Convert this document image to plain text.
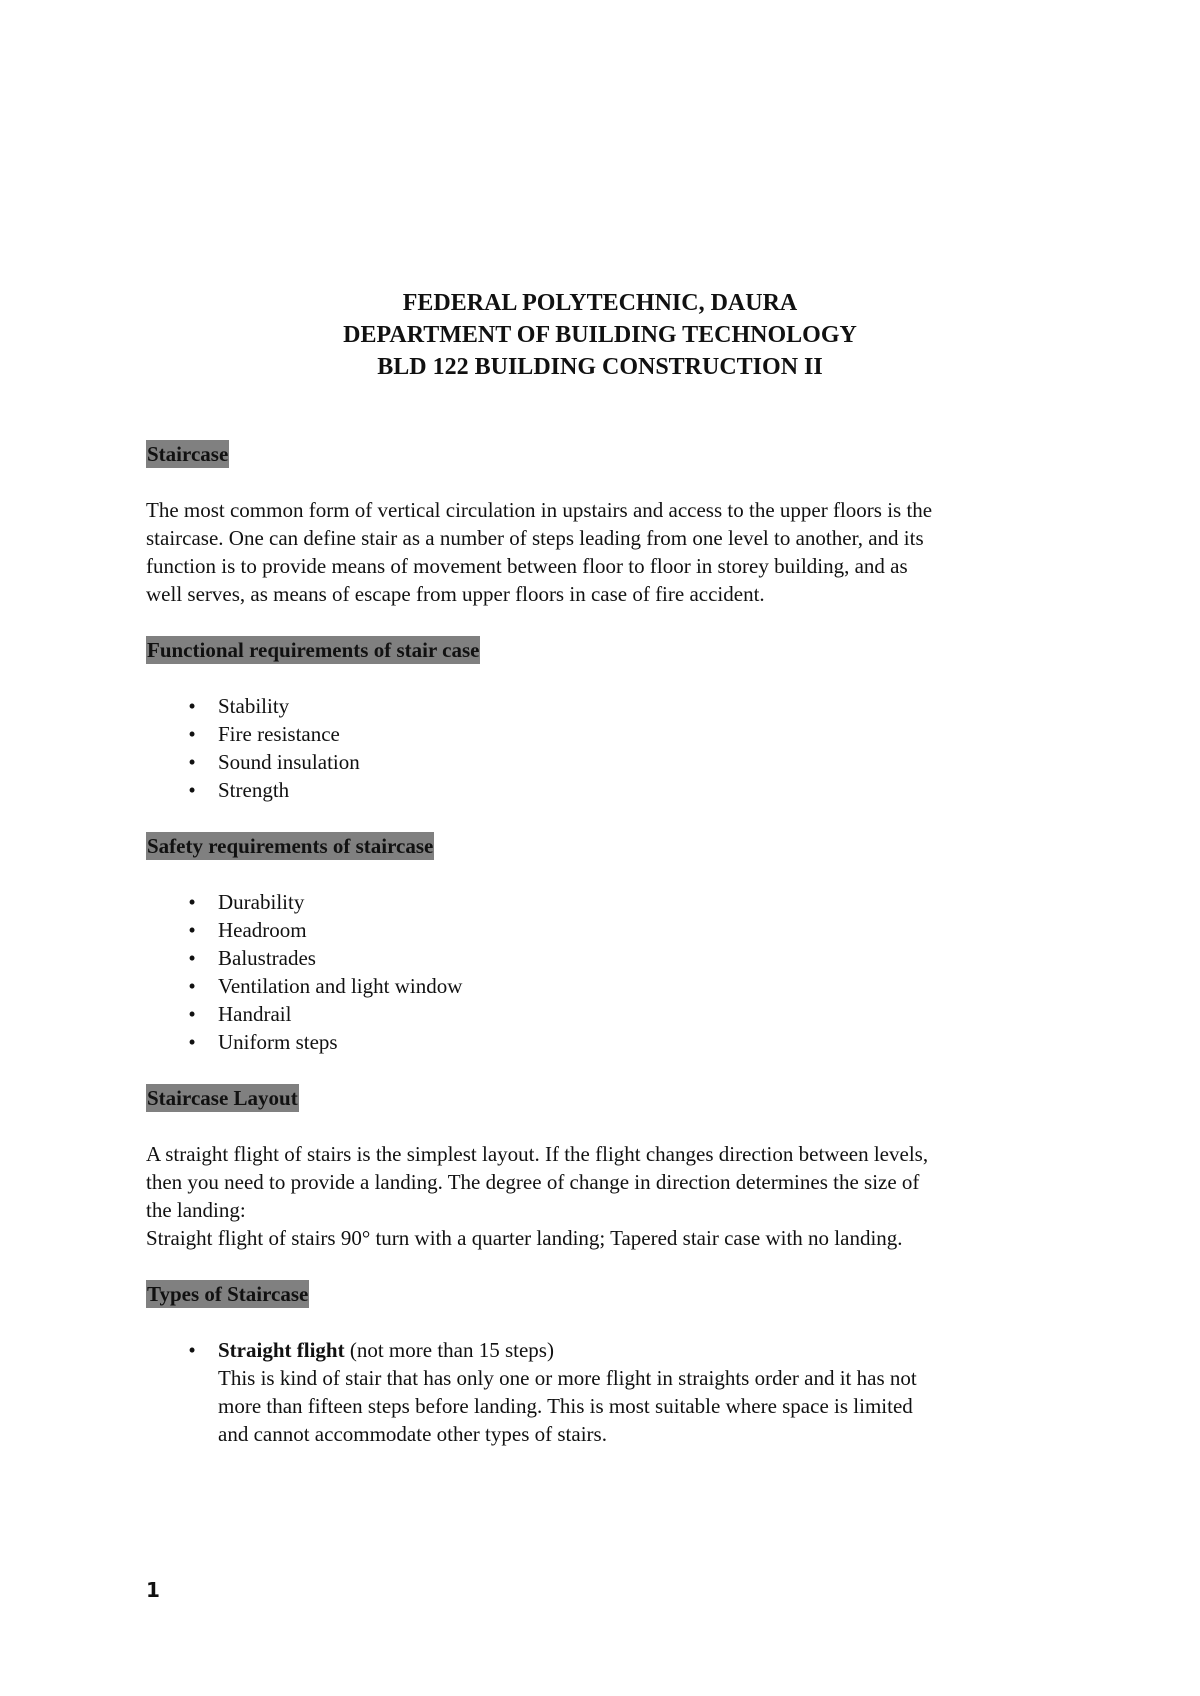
FEDERAL POLYTECHNIC, DAURA
DEPARTMENT OF BUILDING TECHNOLOGY
BLD 122 BUILDING CONSTRUCTION II
Staircase

The most common form of vertical circulation in upstairs and access to the upper floors is the

staircase. One can define stair as a number of steps leading from one level to another, and its

function is to provide means of movement between floor to floor in storey building, and as

well serves, as means of escape from upper floors in case of fire accident.

Functional requirements of stair case
•	Stability
•	Fire resistance
•	Sound insulation
•	Strength
Safety requirements of staircase
•	Durability
•	Headroom
•	Balustrades
•	Ventilation and light window
•	Handrail
•	Uniform steps
Staircase Layout

A straight flight of stairs is the simplest layout. If the flight changes direction between levels,

then you need to provide a landing. The degree of change in direction determines the size of

the landing:

Straight flight of stairs 90° turn with a quarter landing; Tapered stair case with no landing.

Types of Staircase
•	Straight flight (not more than 15 steps)
This is kind of stair that has only one or more flight in straights order and it has not
more than fifteen steps before landing. This is most suitable where space is limited
and cannot accommodate other types of stairs.
1
